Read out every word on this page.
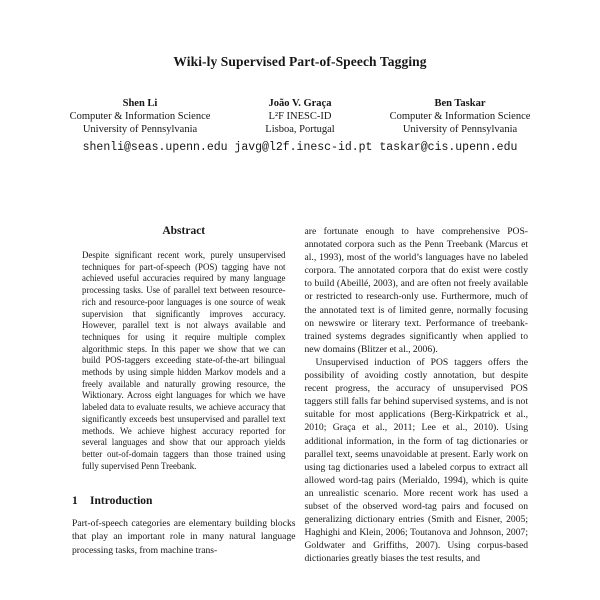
Wiki-ly Supervised Part-of-Speech Tagging
Shen Li
Computer & Information Science
University of Pennsylvania
João V. Graça
L²F INESC-ID
Lisboa, Portugal
Ben Taskar
Computer & Information Science
University of Pennsylvania
shenli@seas.upenn.edu javg@l2f.inesc-id.pt taskar@cis.upenn.edu
Abstract
Despite significant recent work, purely unsupervised techniques for part-of-speech (POS) tagging have not achieved useful accuracies required by many language processing tasks. Use of parallel text between resource-rich and resource-poor languages is one source of weak supervision that significantly improves accuracy. However, parallel text is not always available and techniques for using it require multiple complex algorithmic steps. In this paper we show that we can build POS-taggers exceeding state-of-the-art bilingual methods by using simple hidden Markov models and a freely available and naturally growing resource, the Wiktionary. Across eight languages for which we have labeled data to evaluate results, we achieve accuracy that significantly exceeds best unsupervised and parallel text methods. We achieve highest accuracy reported for several languages and show that our approach yields better out-of-domain taggers than those trained using fully supervised Penn Treebank.
1 Introduction

Part-of-speech categories are elementary building blocks that play an important role in many natural language processing tasks, from machine trans-

are fortunate enough to have comprehensive POS-annotated corpora such as the Penn Treebank (Marcus et al., 1993), most of the world’s languages have no labeled corpora. The annotated corpora that do exist were costly to build (Abeillé, 2003), and are often not freely available or restricted to research-only use. Furthermore, much of the annotated text is of limited genre, normally focusing on newswire or literary text. Performance of treebank-trained systems degrades significantly when applied to new domains (Blitzer et al., 2006).

Unsupervised induction of POS taggers offers the possibility of avoiding costly annotation, but despite recent progress, the accuracy of unsupervised POS taggers still falls far behind supervised systems, and is not suitable for most applications (Berg-Kirkpatrick et al., 2010; Graça et al., 2011; Lee et al., 2010). Using additional information, in the form of tag dictionaries or parallel text, seems unavoidable at present. Early work on using tag dictionaries used a labeled corpus to extract all allowed word-tag pairs (Merialdo, 1994), which is quite an unrealistic scenario. More recent work has used a subset of the observed word-tag pairs and focused on generalizing dictionary entries (Smith and Eisner, 2005; Haghighi and Klein, 2006; Toutanova and Johnson, 2007; Goldwater and Griffiths, 2007). Using corpus-based dictionaries greatly biases the test results, and
